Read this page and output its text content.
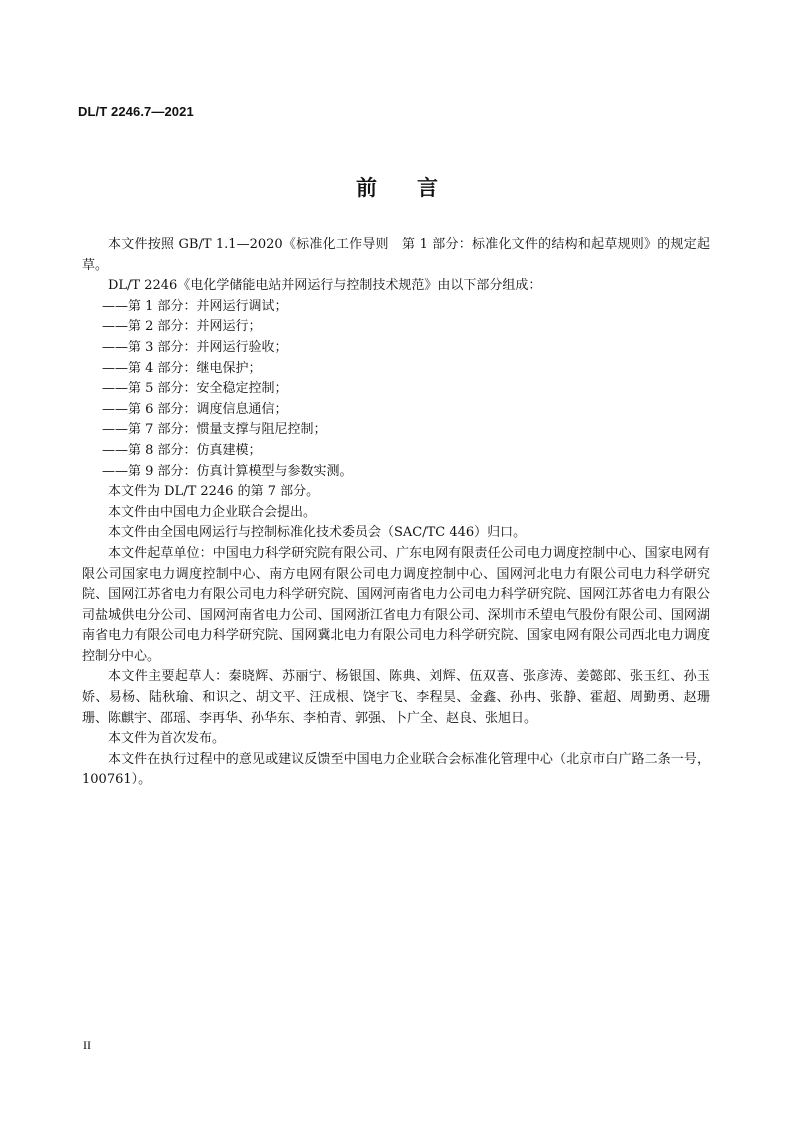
DL/T 2246.7—2021
前言

本文件按照 GB/T 1.1—2020《标准化工作导则　第 1 部分：标准化文件的结构和起草规则》的规定起草。

DL/T 2246《电化学储能电站并网运行与控制技术规范》由以下部分组成：

——第 1 部分：并网运行调试；

——第 2 部分：并网运行；

——第 3 部分：并网运行验收；

——第 4 部分：继电保护；

——第 5 部分：安全稳定控制；

——第 6 部分：调度信息通信；

——第 7 部分：惯量支撑与阻尼控制；

——第 8 部分：仿真建模；

——第 9 部分：仿真计算模型与参数实测。

本文件为 DL/T 2246 的第 7 部分。

本文件由中国电力企业联合会提出。

本文件由全国电网运行与控制标准化技术委员会（SAC/TC 446）归口。

本文件起草单位：中国电力科学研究院有限公司、广东电网有限责任公司电力调度控制中心、国家电网有限公司国家电力调度控制中心、南方电网有限公司电力调度控制中心、国网河北电力有限公司电力科学研究院、国网江苏省电力有限公司电力科学研究院、国网河南省电力公司电力科学研究院、国网江苏省电力有限公司盐城供电分公司、国网河南省电力公司、国网浙江省电力有限公司、深圳市禾望电气股份有限公司、国网湖南省电力有限公司电力科学研究院、国网冀北电力有限公司电力科学研究院、国家电网有限公司西北电力调度控制分中心。

本文件主要起草人：秦晓辉、苏丽宁、杨银国、陈典、刘辉、伍双喜、张彦涛、姜懿郎、张玉红、孙玉娇、易杨、陆秋瑜、和识之、胡文平、汪成根、饶宇飞、李程昊、金鑫、孙冉、张静、霍超、周勤勇、赵珊珊、陈麒宇、邵瑶、李再华、孙华东、李柏青、郭强、卜广全、赵良、张旭日。

本文件为首次发布。

本文件在执行过程中的意见或建议反馈至中国电力企业联合会标准化管理中心（北京市白广路二条一号，100761）。

II
